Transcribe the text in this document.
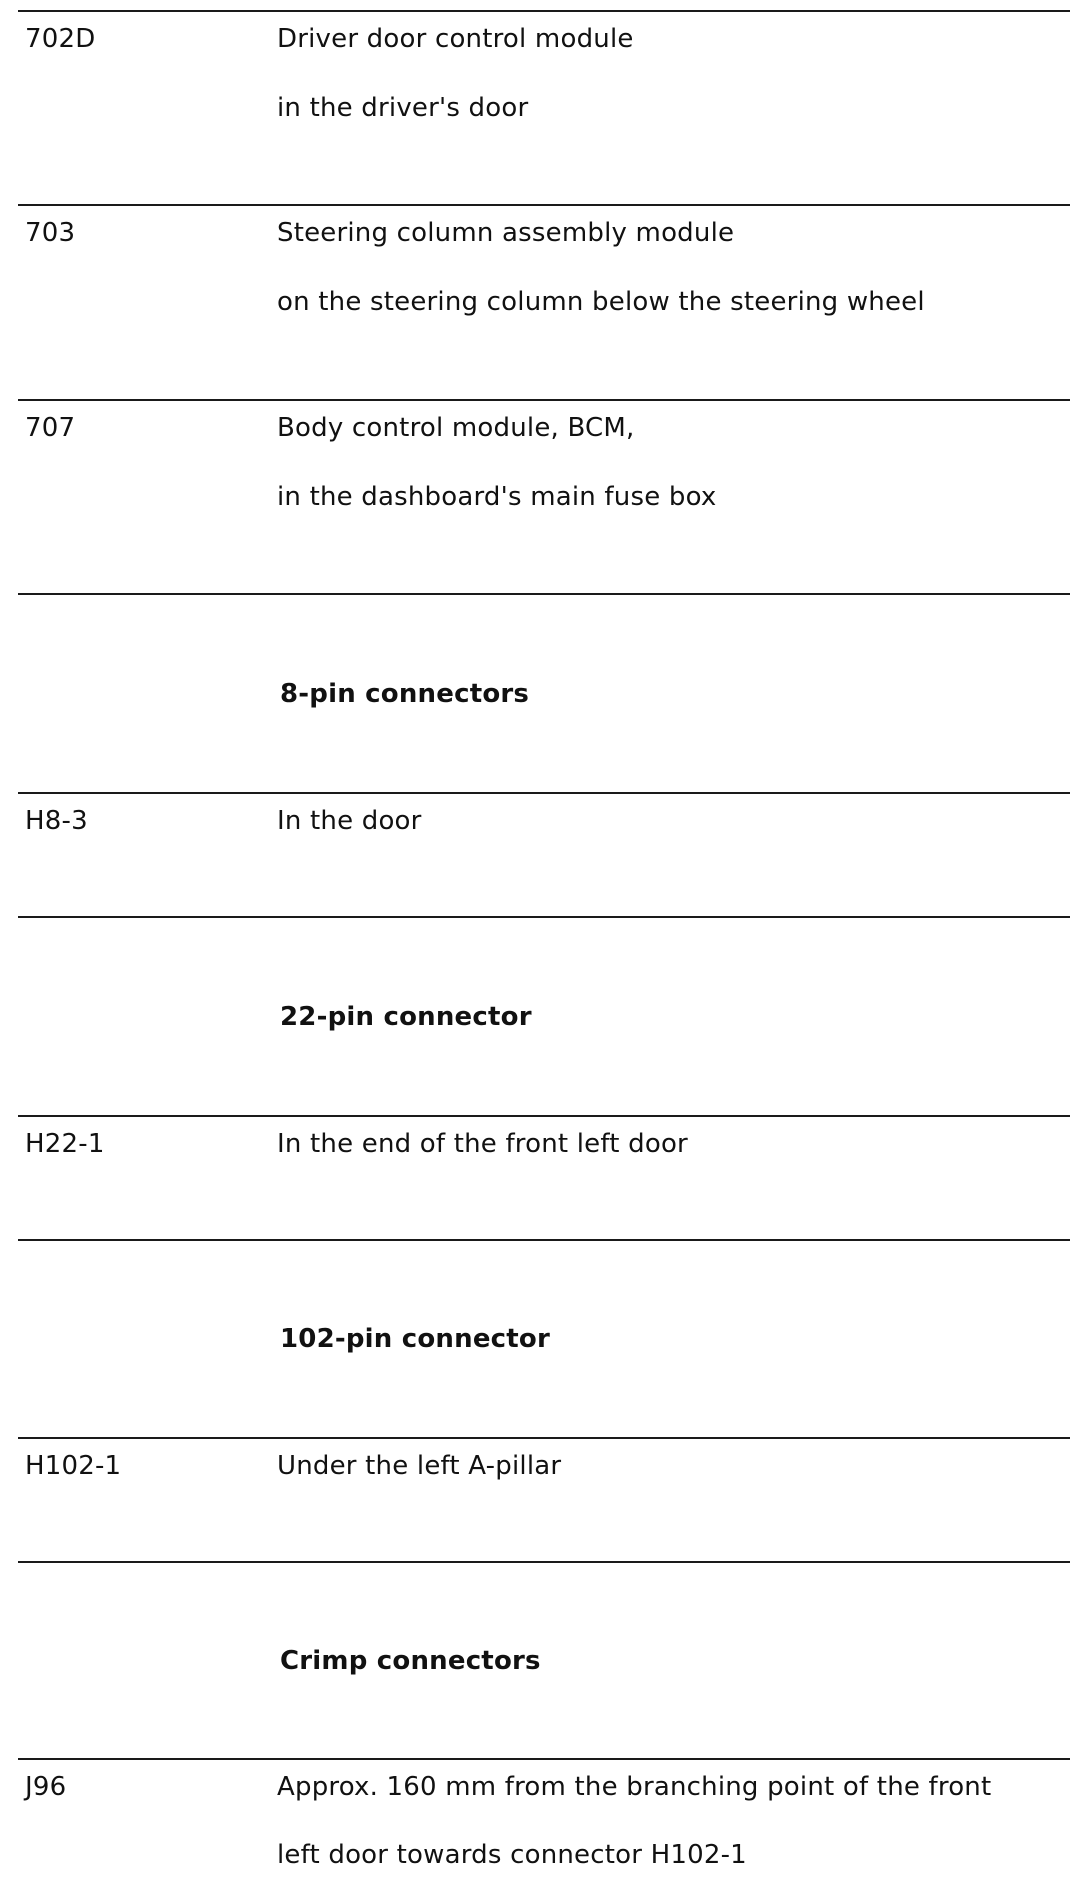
702D	Driver door control module
in the driver's door
703	Steering column assembly module
on the steering column below the steering wheel
707	Body control module, BCM,
in the dashboard's main fuse box
8-pin connectors
H8-3	In the door
22-pin connector
H22-1	In the end of the front left door
102-pin connector
H102-1	Under the left A-pillar
Crimp connectors
J96	Approx. 160 mm from the branching point of the front
left door towards connector H102-1
